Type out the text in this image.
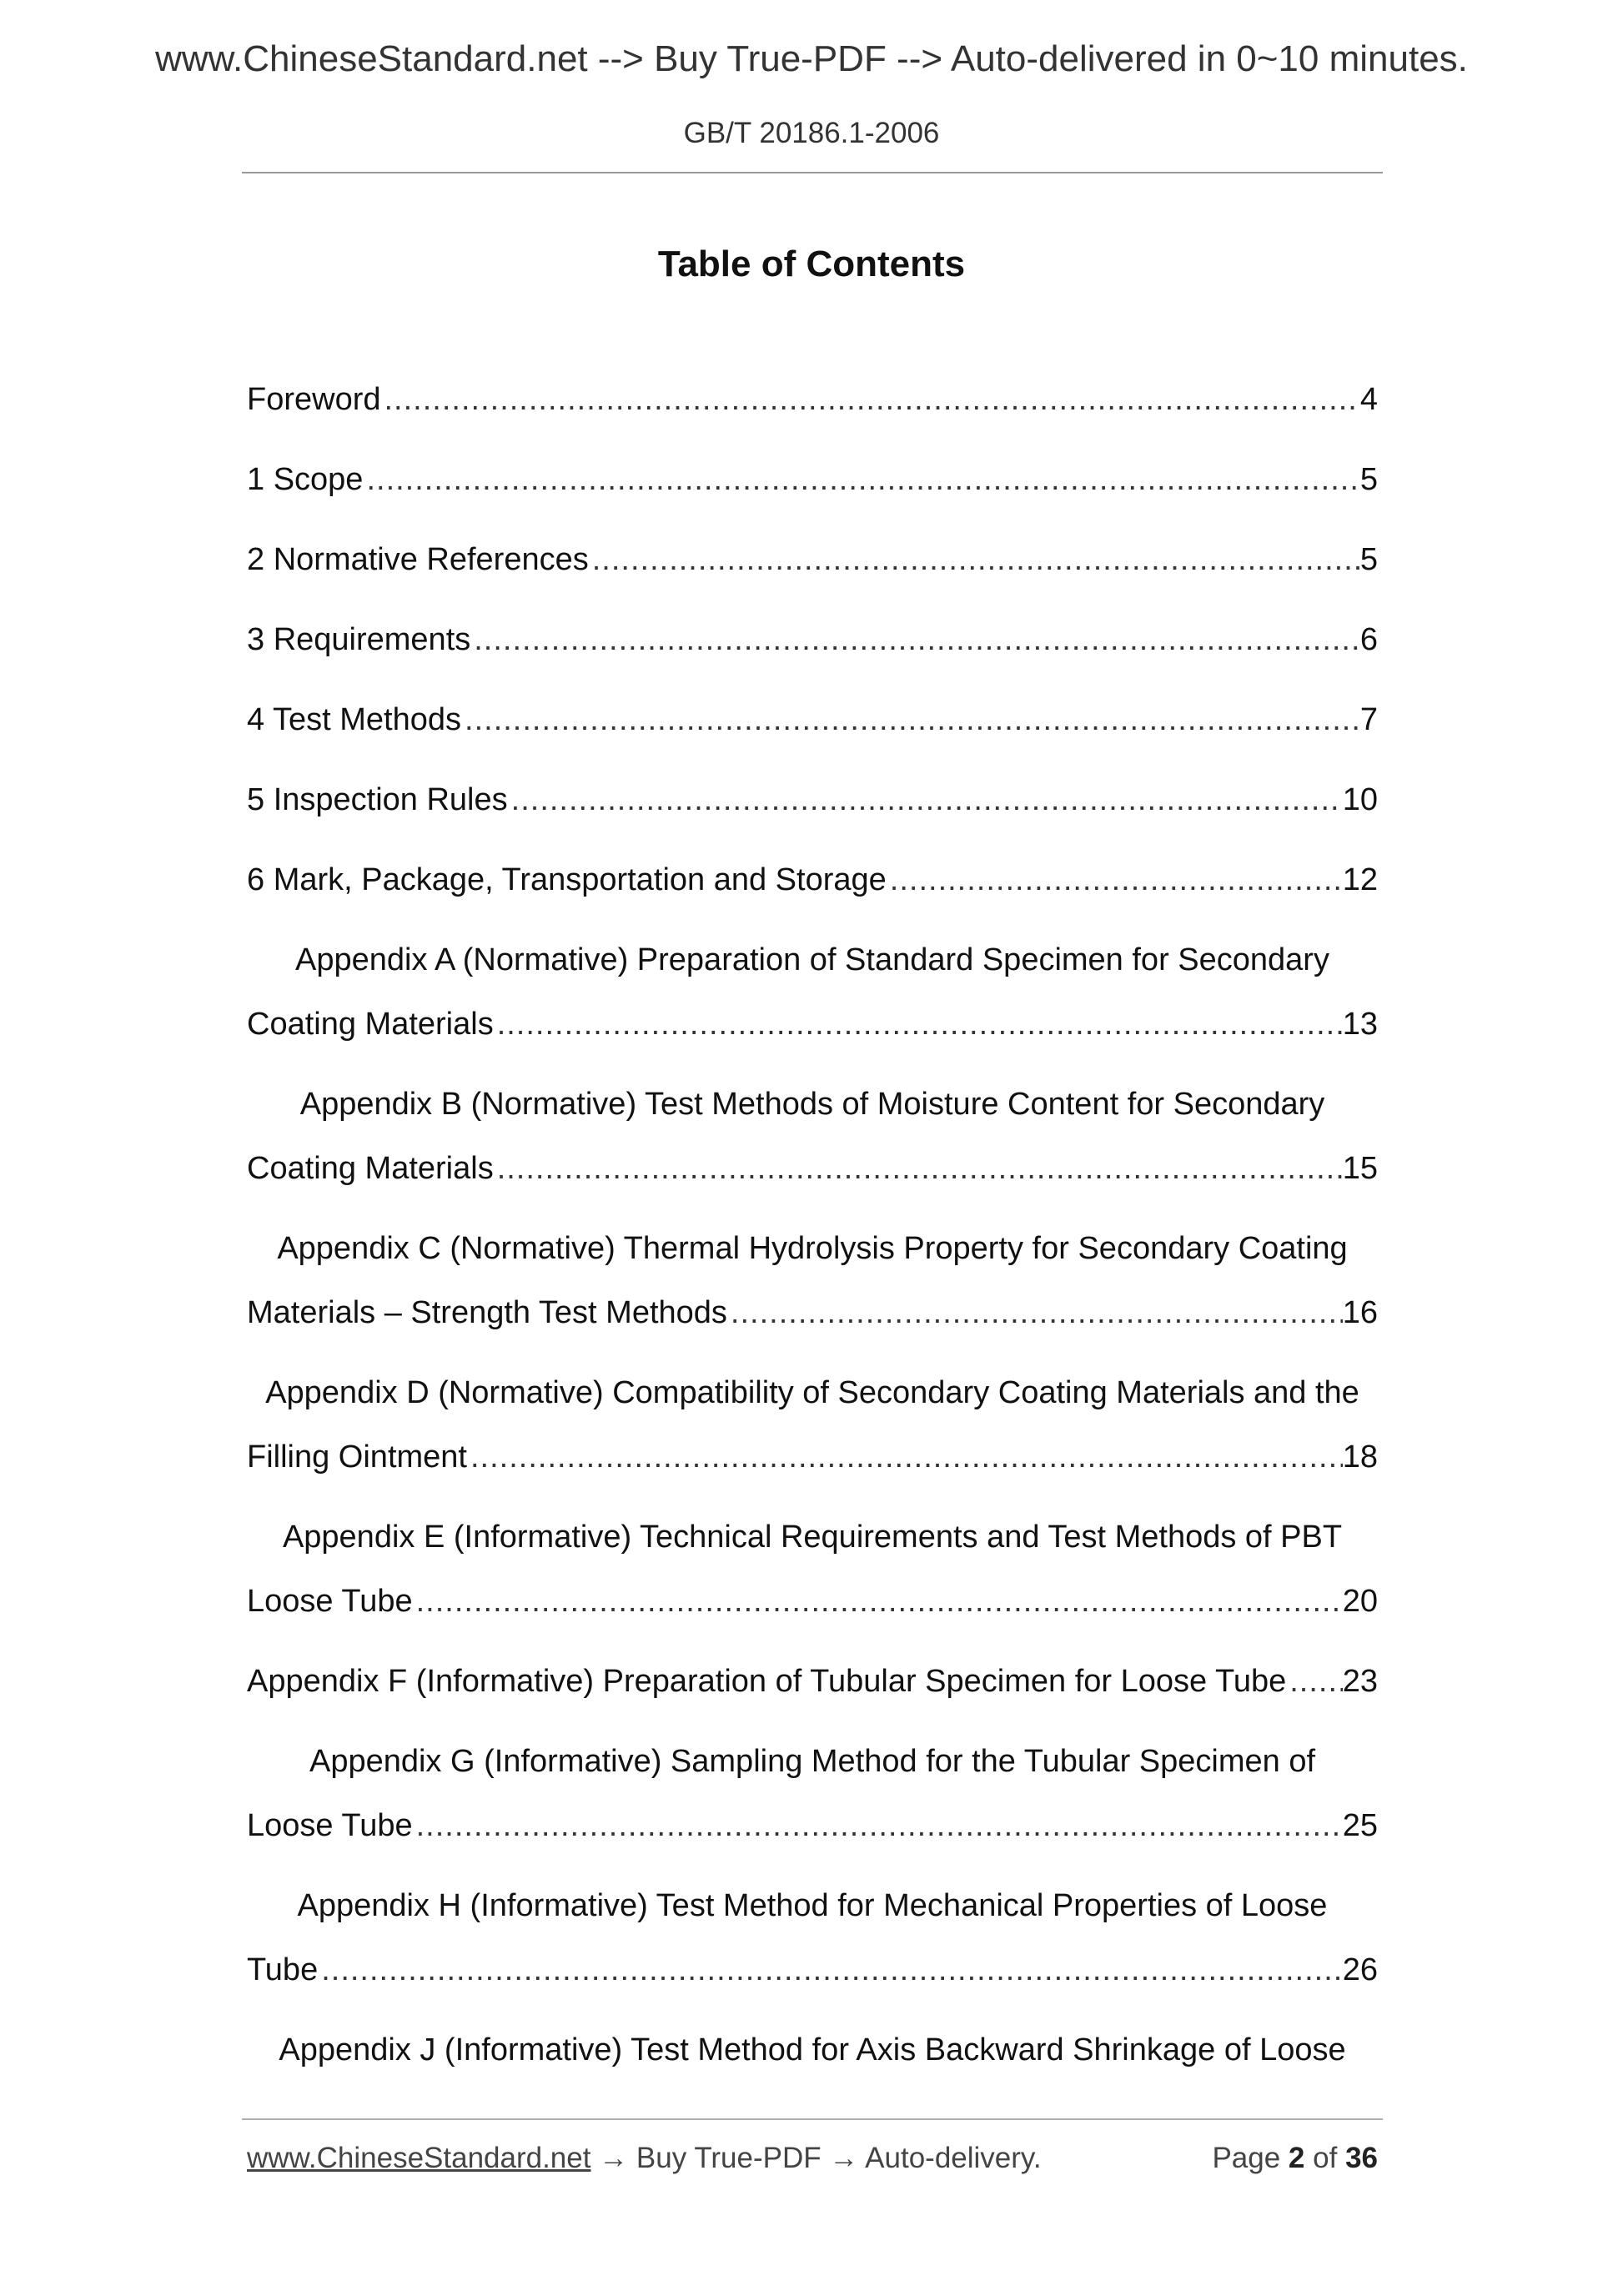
www.ChineseStandard.net --> Buy True-PDF --> Auto-delivered in 0~10 minutes.
GB/T 20186.1-2006
Table of Contents
Foreword .....	4
1 Scope .....	5
2 Normative References .....	5
3 Requirements .....	6
4 Test Methods .....	7
5 Inspection Rules .....	10
6 Mark, Package, Transportation and Storage .....	12
Appendix A (Normative) Preparation of Standard Specimen for Secondary
Coating Materials .....	13
Appendix B (Normative) Test Methods of Moisture Content for Secondary
Coating Materials .....	15
Appendix C (Normative) Thermal Hydrolysis Property for Secondary Coating
Materials – Strength Test Methods .....	16
Appendix D (Normative) Compatibility of Secondary Coating Materials and the
Filling Ointment .....	18
Appendix E (Informative) Technical Requirements and Test Methods of PBT
Loose Tube .....	20
Appendix F (Informative) Preparation of Tubular Specimen for Loose Tube ..... 23
Appendix G (Informative) Sampling Method for the Tubular Specimen of
Loose Tube .....	25
Appendix H (Informative) Test Method for Mechanical Properties of Loose
Tube .....	26
Appendix J (Informative) Test Method for Axis Backward Shrinkage of Loose
www.ChineseStandard.net → Buy True-PDF → Auto-delivery.	Page 2 of 36
